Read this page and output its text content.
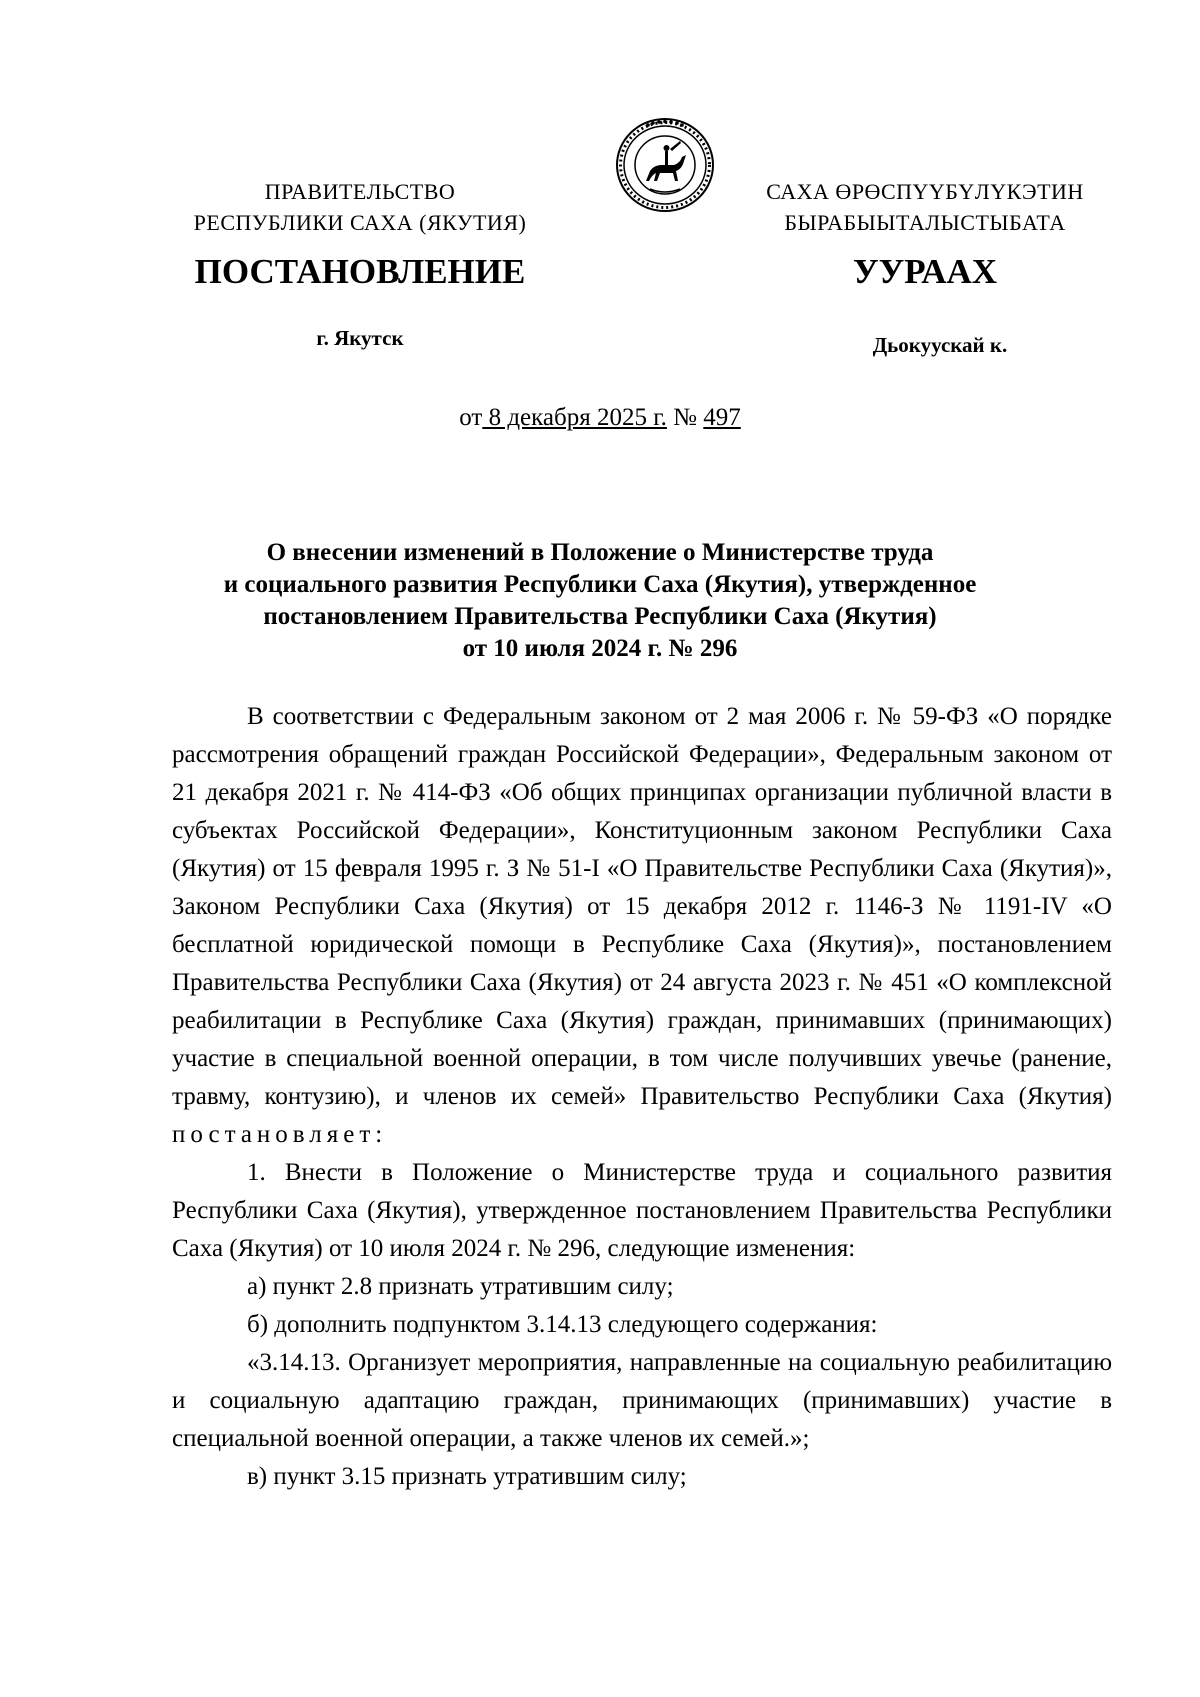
ПРАВИТЕЛЬСТВО
РЕСПУБЛИКИ САХА (ЯКУТИЯ)
САХА ӨРӨСПҮҮБҮЛҮКЭТИН
БЫРАБЫЫТАЛЫСТЫБАТА
ПОСТАНОВЛЕНИЕ	УУРААХ
г. Якутск	Дьокуускай к.
от 8 декабря 2025 г. № 497
О внесении изменений в Положение о Министерстве труда
и социального развития Республики Саха (Якутия), утвержденное
постановлением Правительства Республики Саха (Якутия)
от 10 июля 2024 г. № 296

В соответствии с Федеральным законом от 2 мая 2006 г. № 59-ФЗ «О порядке рассмотрения обращений граждан Российской Федерации», Федеральным законом от 21 декабря 2021 г. № 414-ФЗ «Об общих принципах организации публичной власти в субъектах Российской Федерации», Конституционным законом Республики Саха (Якутия) от 15 февраля 1995 г. З № 51-I «О Правительстве Республики Саха (Якутия)», Законом Республики Саха (Якутия) от 15 декабря 2012 г. 1146-З № 1191-IV «О бесплатной юридической помощи в Республике Саха (Якутия)», постановлением Правительства Республики Саха (Якутия) от 24 августа 2023 г. № 451 «О комплексной реабилитации в Республике Саха (Якутия) граждан, принимавших (принимающих) участие в специальной военной операции, в том числе получивших увечье (ранение, травму, контузию), и членов их семей» Правительство Республики Саха (Якутия) постановляет:

1. Внести в Положение о Министерстве труда и социального развития Республики Саха (Якутия), утвержденное постановлением Правительства Республики Саха (Якутия) от 10 июля 2024 г. № 296, следующие изменения:

а) пункт 2.8 признать утратившим силу;

б) дополнить подпунктом 3.14.13 следующего содержания:

«3.14.13. Организует мероприятия, направленные на социальную реабилитацию и социальную адаптацию граждан, принимающих (принимавших) участие в специальной военной операции, а также членов их семей.»;

в) пункт 3.15 признать утратившим силу;
